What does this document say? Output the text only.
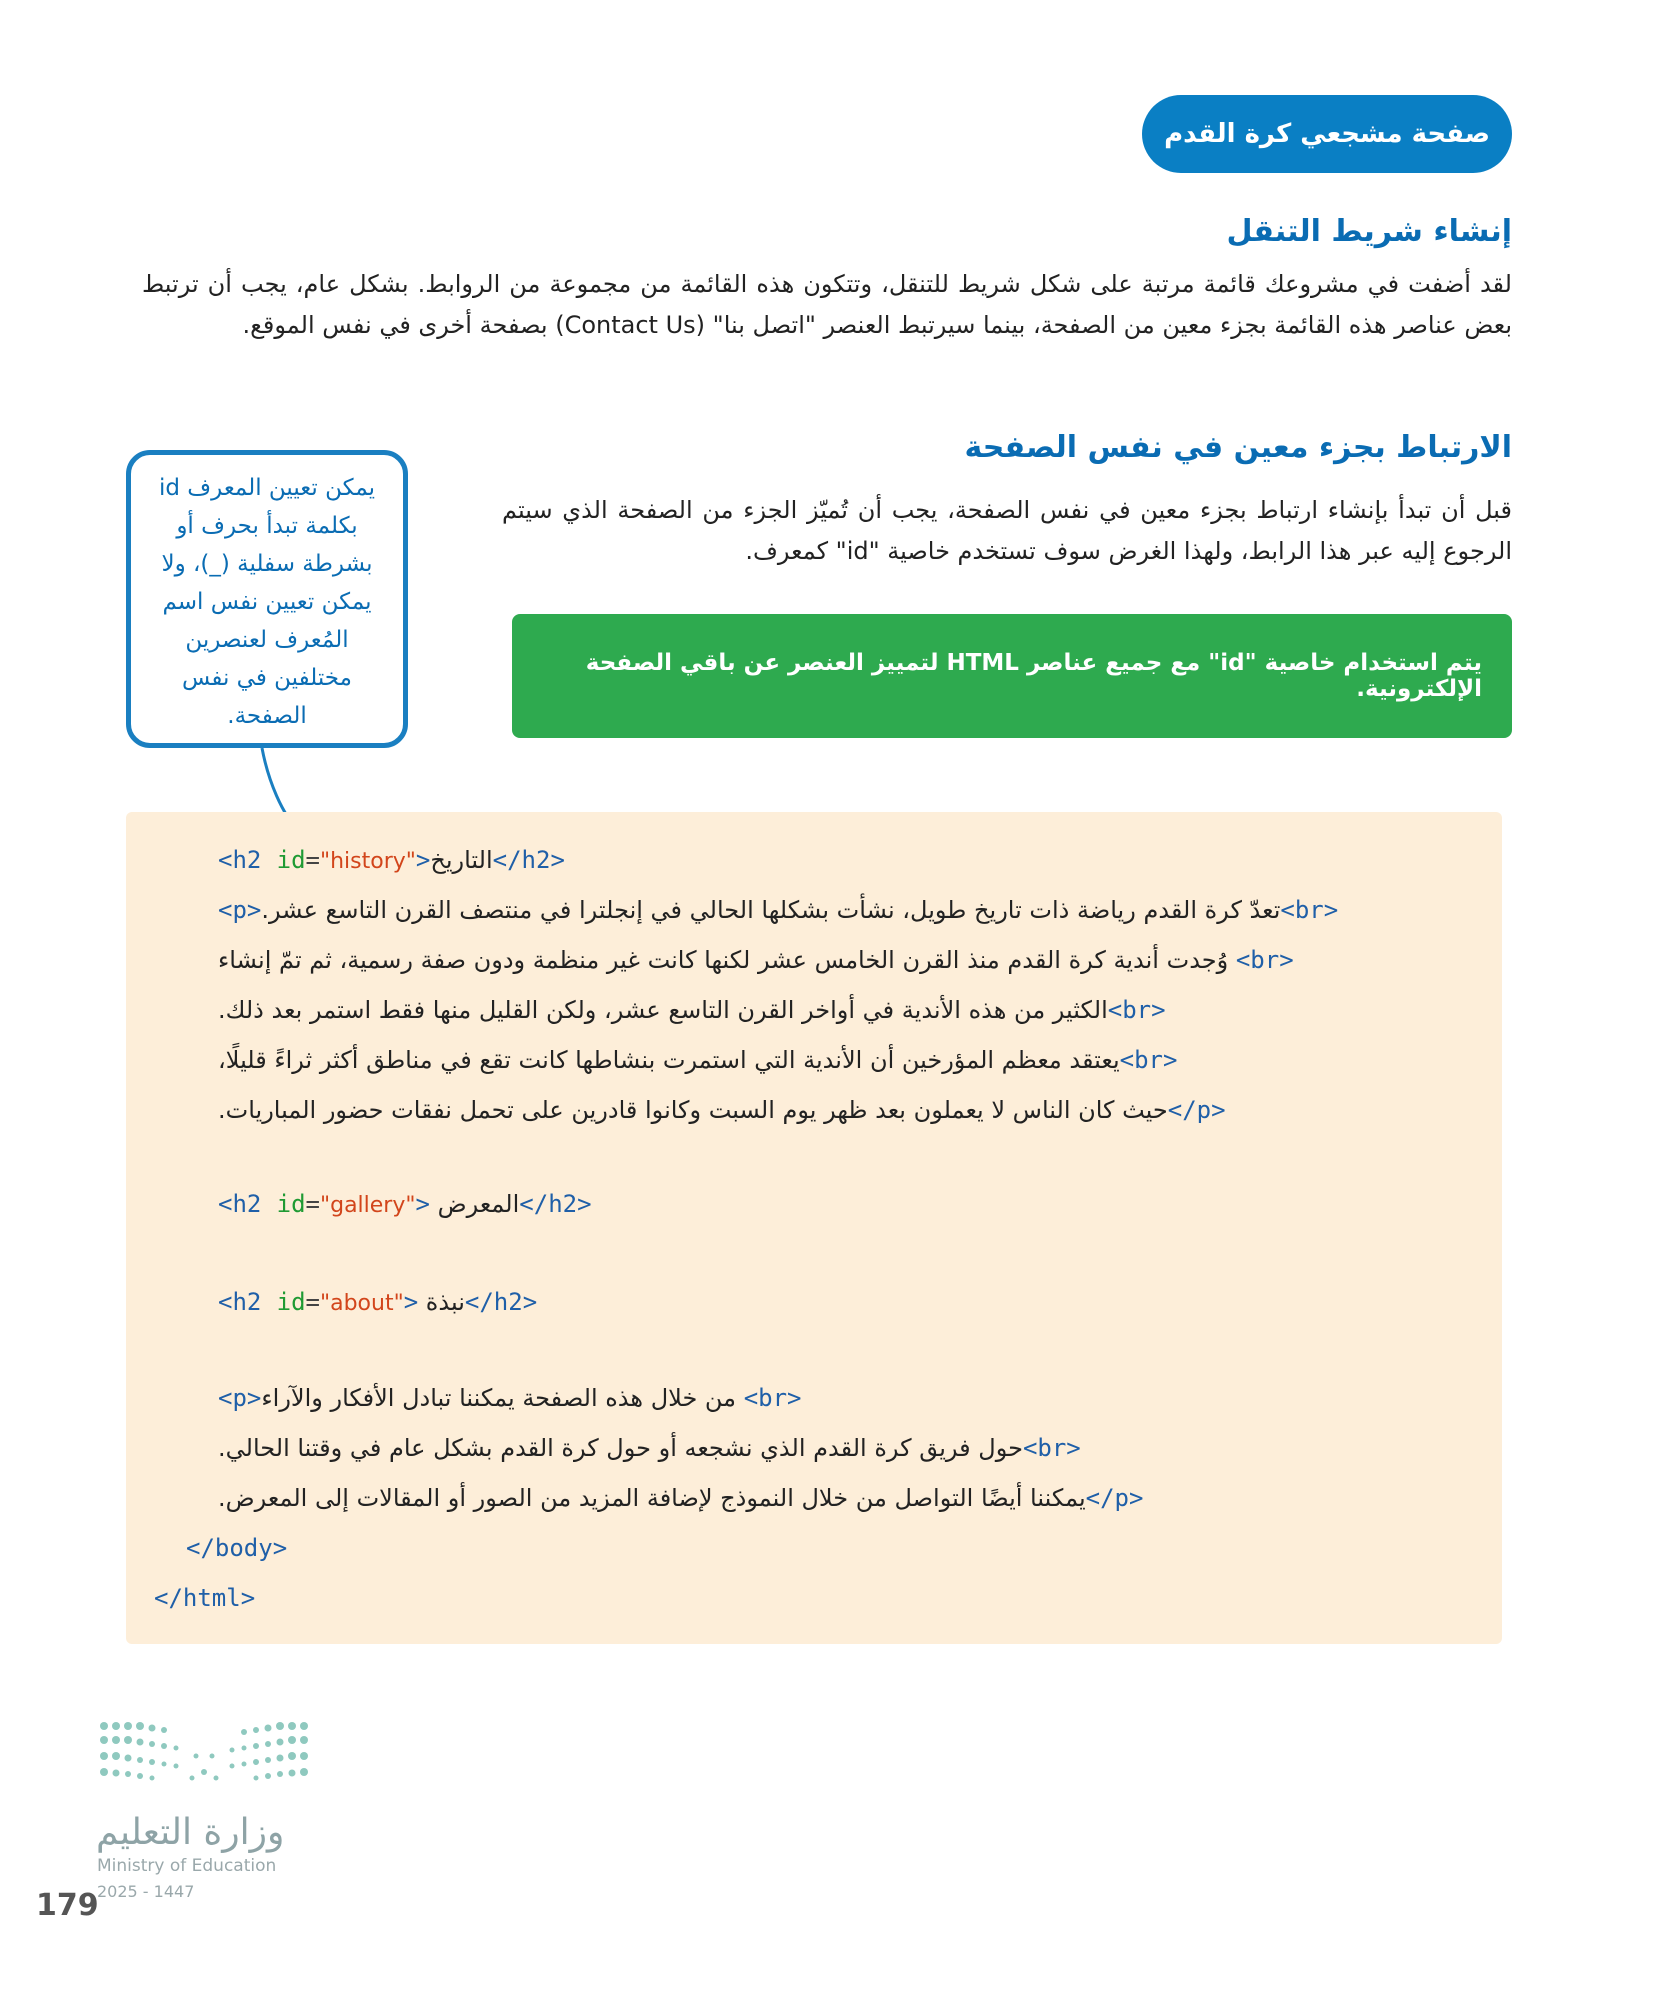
صفحة مشجعي كرة القدم
إنشاء شريط التنقل
لقد أضفت في مشروعك قائمة مرتبة على شكل شريط للتنقل، وتتكون هذه القائمة من مجموعة من الروابط. بشكل عام، يجب أن ترتبط بعض عناصر هذه القائمة بجزء معين من الصفحة، بينما سيرتبط العنصر "اتصل بنا" (Contact Us) بصفحة أخرى في نفس الموقع.
الارتباط بجزء معين في نفس الصفحة
قبل أن تبدأ بإنشاء ارتباط بجزء معين في نفس الصفحة، يجب أن تُميّز الجزء من الصفحة الذي سيتم الرجوع إليه عبر هذا الرابط، ولهذا الغرض سوف تستخدم خاصية "id" كمعرف.
يتم استخدام خاصية "id" مع جميع عناصر HTML لتمييز العنصر عن باقي الصفحة الإلكترونية.
يمكن تعيين المعرف id بكلمة تبدأ بحرف أو بشرطة سفلية (_)، ولا يمكن تعيين نفس اسم المُعرف لعنصرين مختلفين في نفس الصفحة.
<h2 id="history">التاريخ</h2>
<p>تعدّ كرة القدم رياضة ذات تاريخ طويل، نشأت بشكلها الحالي في إنجلترا في منتصف القرن التاسع عشر.<br>
وُجدت أندية كرة القدم منذ القرن الخامس عشر لكنها كانت غير منظمة ودون صفة رسمية، ثم تمّ إنشاء <br>
الكثير من هذه الأندية في أواخر القرن التاسع عشر، ولكن القليل منها فقط استمر بعد ذلك.<br>
يعتقد معظم المؤرخين أن الأندية التي استمرت بنشاطها كانت تقع في مناطق أكثر ثراءً قليلًا،<br>
حيث كان الناس لا يعملون بعد ظهر يوم السبت وكانوا قادرين على تحمل نفقات حضور المباريات.</p>
<h2 id="gallery"> المعرض</h2>
<h2 id="about"> نبذة</h2>
<p>من خلال هذه الصفحة يمكننا تبادل الأفكار والآراء <br>
حول فريق كرة القدم الذي نشجعه أو حول كرة القدم بشكل عام في وقتنا الحالي.<br>
يمكننا أيضًا التواصل من خلال النموذج لإضافة المزيد من الصور أو المقالات إلى المعرض.</p>
</body>
</html>
وزارة التعليم
Ministry of Education
2025 - 1447
179
